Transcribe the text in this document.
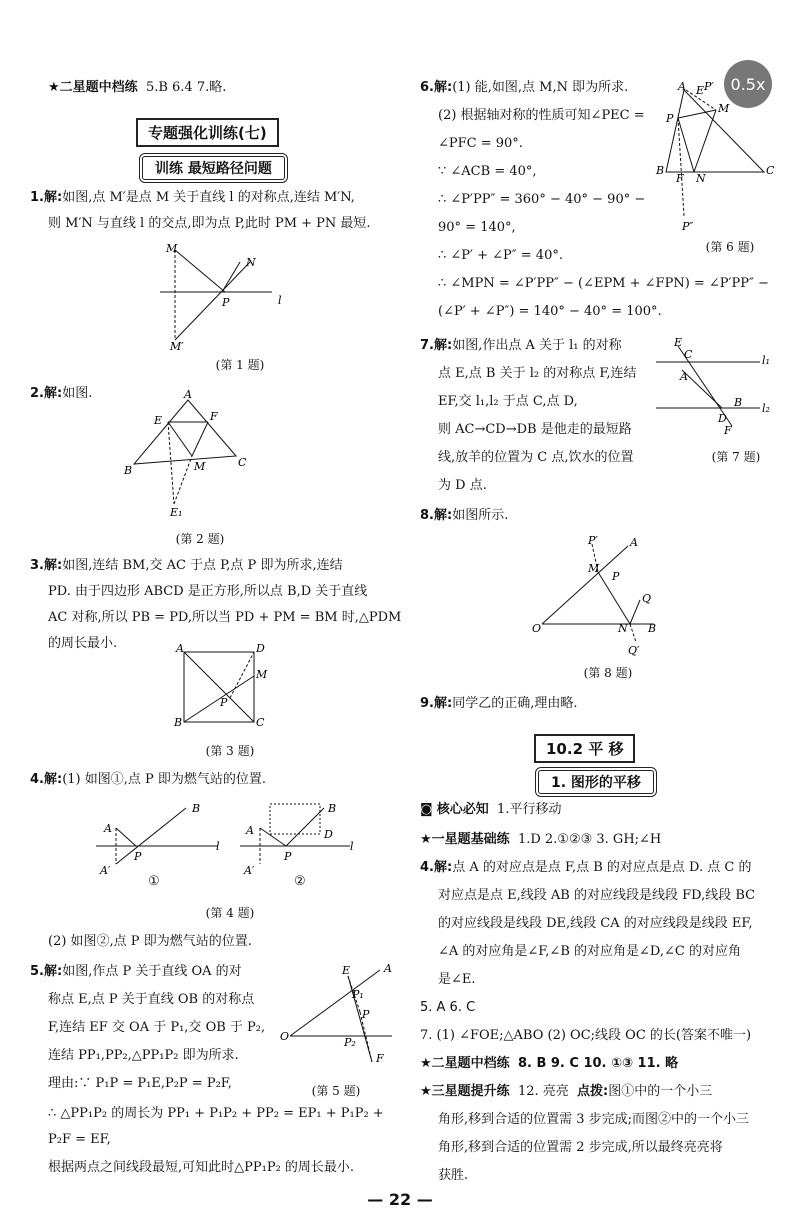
0.5x
★二星题中档练 5.B 6.4 7.略.
专题强化训练(七)
训练 最短路径问题
1.解:如图,点 M′是点 M 关于直线 l 的对称点,连结 M′N,
则 M′N 与直线 l 的交点,即为点 P,此时 PM + PN 最短.
M
N
P	l
M′
(第 1 题)
2.解:如图.	A
E	F
B
C
M
E₁
(第 2 题)
3.解:如图,连结 BM,交 AC 于点 P,点 P 即为所求,连结
PD. 由于四边形 ABCD 是正方形,所以点 B,D 关于直线
AC 对称,所以 PB = PD,所以当 PD + PM = BM 时,△PDM
的周长最小.	A	D
B	C
M
P
(第 3 题)
4.解:(1) 如图①,点 P 即为燃气站的位置.
A
P
A′
B
l
A
P
A′
B
D
l
①	②
(第 4 题)
(2) 如图②,点 P 即为燃气站的位置.
5.解:如图,作点 P 关于直线 OA 的对
称点 E,点 P 关于直线 OB 的对称点
F,连结 EF 交 OA 于 P₁,交 OB 于 P₂,
连结 PP₁,PP₂,△PP₁P₂ 即为所求.
O
A
E
P₁
P
P₂
F
(第 5 题)
理由:∵ P₁P = P₁E,P₂P = P₂F,
∴ △PP₁P₂ 的周长为 PP₁ + P₁P₂ + PP₂ = EP₁ + P₁P₂ +
P₂F = EF,
根据两点之间线段最短,可知此时△PP₁P₂ 的周长最小.
6.解:(1) 能,如图,点 M,N 即为所求.
(2) 根据轴对称的性质可知∠PEC =
∠PFC = 90°.
∵ ∠ACB = 40°,
∴ ∠P′PP″ = 360° − 40° − 90° −
90° = 140°,
∴ ∠P′ + ∠P″ = 40°.
∴ ∠MPN = ∠P′PP″ − (∠EPM + ∠FPN) = ∠P′PP″ −
(∠P′ + ∠P″) = 140° − 40° = 100°.
A E P′
M
P
B
F N
C
P″
(第 6 题)
7.解:如图,作出点 A 关于 l₁ 的对称
点 E,点 B 关于 l₂ 的对称点 F,连结
EF,交 l₁,l₂ 于点 C,点 D,
则 AC→CD→DB 是他走的最短路
线,放羊的位置为 C 点,饮水的位置
为 D 点.
E
C
A
l₁
l₂
D
B
F
(第 7 题)
8.解:如图所示.
O
P′	A
M
P
Q
N B
Q′
(第 8 题)
9.解:同学乙的正确,理由略.
10.2 平 移
1. 图形的平移
◙ 核心必知 1.平行移动
★一星题基础练 1.D 2.①②③ 3. GH;∠H
4.解:点 A 的对应点是点 F,点 B 的对应点是点 D. 点 C 的
对应点是点 E,线段 AB 的对应线段是线段 FD,线段 BC
的对应线段是线段 DE,线段 CA 的对应线段是线段 EF,
∠A 的对应角是∠F,∠B 的对应角是∠D,∠C 的对应角
是∠E.
5. A 6. C
7. (1) ∠FOE;△ABO (2) OC;线段 OC 的长(答案不唯一)
★二星题中档练 8. B 9. C 10. ①③ 11. 略
★三星题提升练 12. 亮亮 点拨:图①中的一个小三
角形,移到合适的位置需 3 步完成;而图②中的一个小三
角形,移到合适的位置需 2 步完成,所以最终亮亮将
获胜.
— 22 —
